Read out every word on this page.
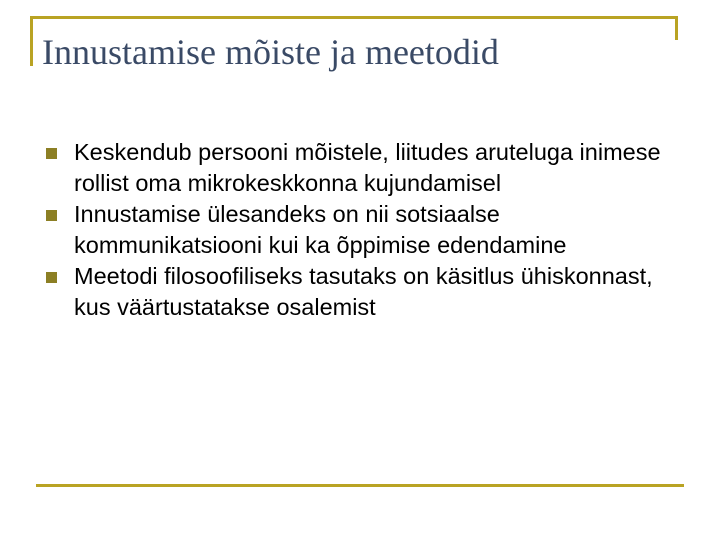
Innustamise mõiste ja meetodid
Keskendub persooni mõistele, liitudes aruteluga inimese rollist oma mikrokeskkonna kujundamisel
Innustamise ülesandeks on nii sotsiaalse kommunikatsiooni kui ka õppimise edendamine
Meetodi filosoofiliseks tasutaks on käsitlus ühiskonnast, kus väärtustatakse osalemist
